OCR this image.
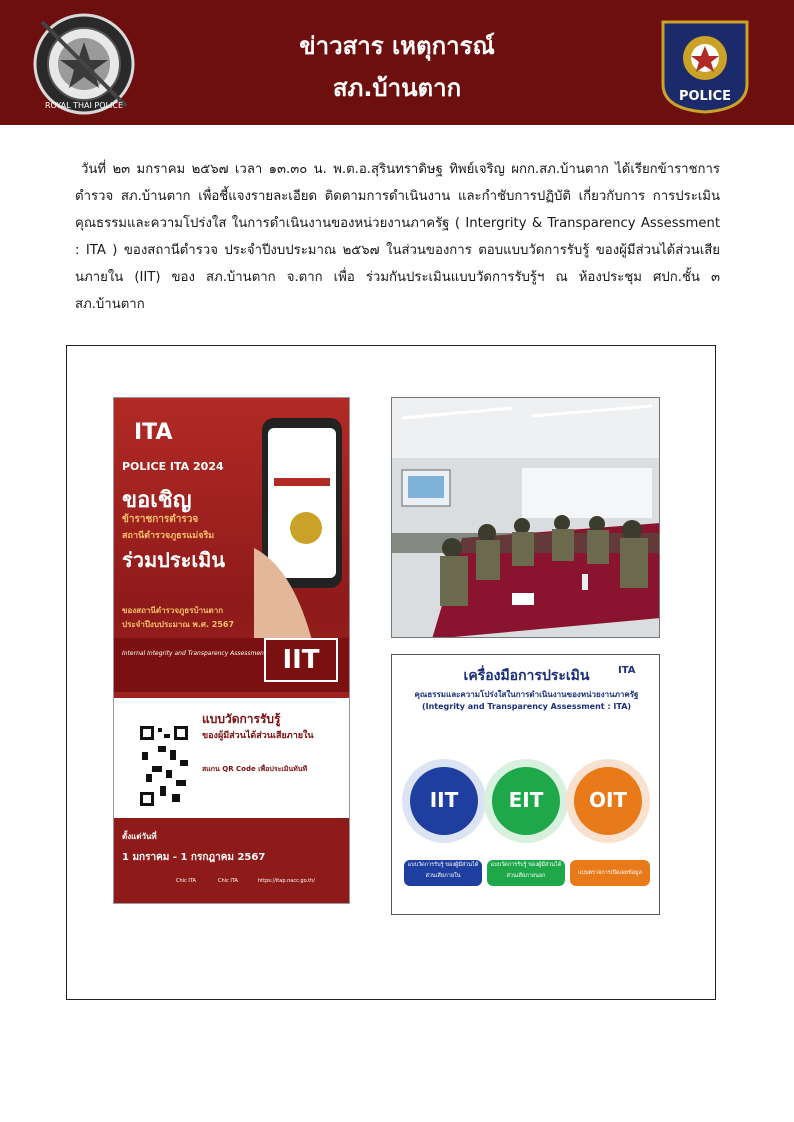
ROYAL THAI POLICE
ข่าวสาร เหตุการณ์
สภ.บ้านตาก	POLICE
วันที่ ๒๓ มกราคม ๒๕๖๗ เวลา ๑๓.๓๐ น. พ.ต.อ.สุรินทราดิษฐ ทิพย์เจริญ ผกก.สภ.บ้านตาก ได้เรียกข้าราชการตำรวจ สภ.บ้านตาก เพื่อชี้แจงรายละเอียด ติดตามการดำเนินงาน และกำชับการปฏิบัติ เกี่ยวกับการ การประเมินคุณธรรมและความโปร่งใส ในการดำเนินงานของหน่วยงานภาครัฐ ( Intergrity & Transparency Assessment : ITA ) ของสถานีตำรวจ ประจำปีงบประมาณ ๒๕๖๗ ในส่วนของการ ตอบแบบวัดการรับรู้ ของผู้มีส่วนได้ส่วนเสียนภายใน (IIT) ของ สภ.บ้านตาก จ.ตาก เพื่อ ร่วมกันประเมินแบบวัดการรับรู้ฯ ณ ห้องประชุม ศปก.ชั้น ๓ สภ.บ้านตาก
ITA
POLICE ITA 2024
ขอเชิญ
ข้าราชการตำรวจ
สถานีตำรวจภูธรแม่จริม
ร่วมประเมิน
ของสถานีตำรวจภูธรบ้านตาก
ประจำปีงบประมาณ พ.ศ. 2567
Internal Integrity and Transparency Assessment IIT
แบบวัดการรับรู้
ของผู้มีส่วนได้ส่วนเสียภายใน
สแกน QR Code เพื่อประเมินทันที
ตั้งแต่วันที่
1 มกราคม - 1 กรกฎาคม 2567
Chic ITA	Chic ITA	https://itap.nacc.go.th/
เครื่องมือการประเมิน
คุณธรรมและความโปร่งใสในการดำเนินงานของหน่วยงานภาครัฐ
(Integrity and Transparency Assessment : ITA)
ITA
IIT	EIT	OIT
แบบวัดการรับรู้ ของผู้มีส่วนได้ส่วนเสียภายใน
แบบวัดการรับรู้ ของผู้มีส่วนได้ส่วนเสียภายนอก	แบบตรวจการเปิดเผยข้อมูลสาธารณะ
